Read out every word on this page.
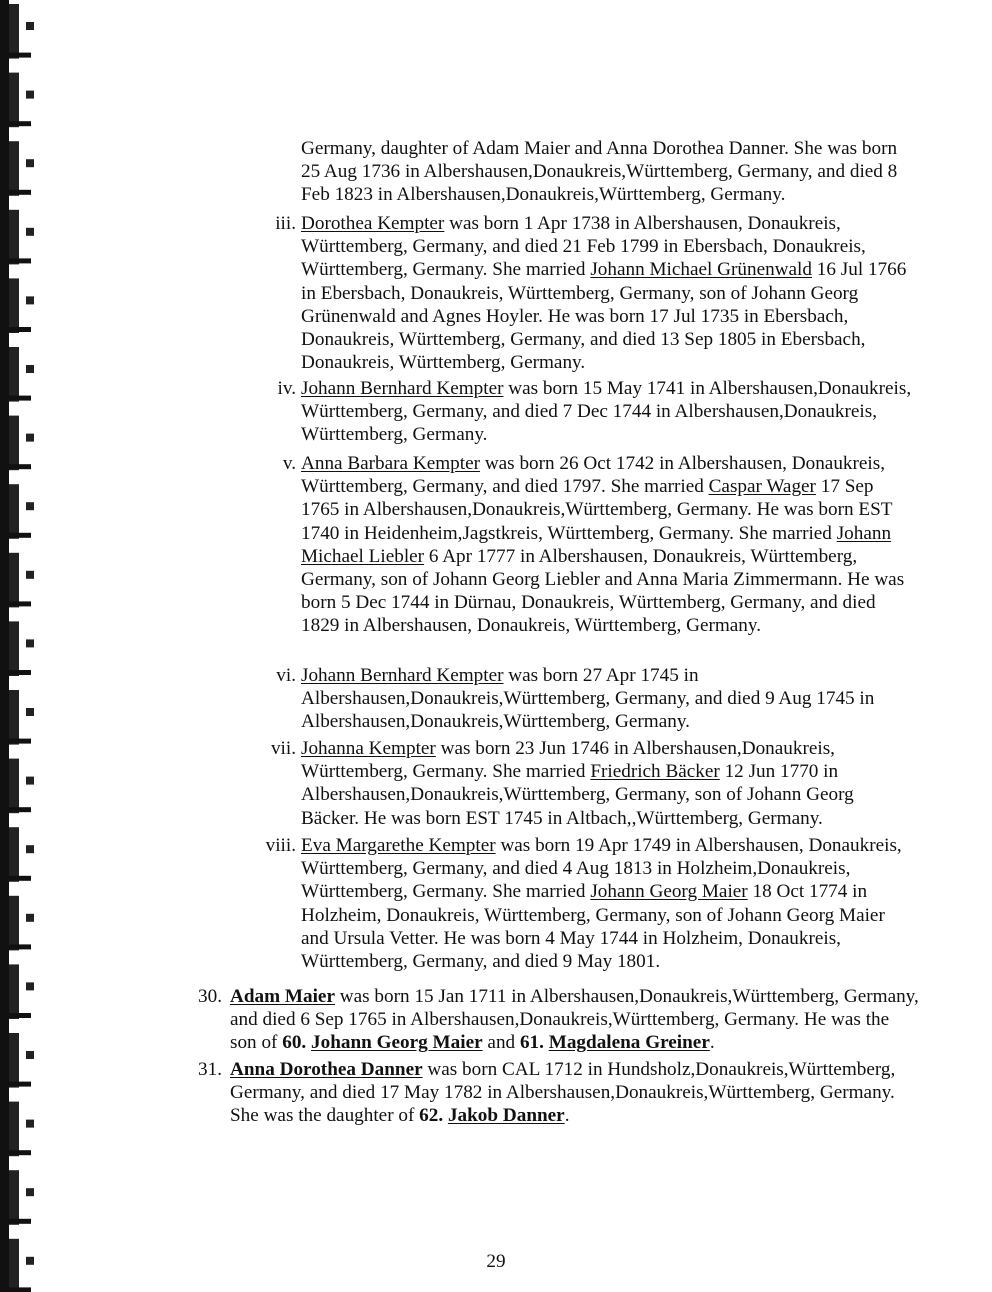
Germany, daughter of Adam Maier and Anna Dorothea Danner. She was born 25 Aug 1736 in Albershausen,Donaukreis,Württemberg, Germany, and died 8 Feb 1823 in Albershausen,Donaukreis,Württemberg, Germany.
iii. Dorothea Kempter was born 1 Apr 1738 in Albershausen, Donaukreis, Württemberg, Germany, and died 21 Feb 1799 in Ebersbach, Donaukreis, Württemberg, Germany. She married Johann Michael Grünenwald 16 Jul 1766 in Ebersbach, Donaukreis, Württemberg, Germany, son of Johann Georg Grünenwald and Agnes Hoyler. He was born 17 Jul 1735 in Ebersbach, Donaukreis, Württemberg, Germany, and died 13 Sep 1805 in Ebersbach, Donaukreis, Württemberg, Germany.
iv. Johann Bernhard Kempter was born 15 May 1741 in Albershausen,Donaukreis, Württemberg, Germany, and died 7 Dec 1744 in Albershausen,Donaukreis, Württemberg, Germany.
v. Anna Barbara Kempter was born 26 Oct 1742 in Albershausen, Donaukreis, Württemberg, Germany, and died 1797. She married Caspar Wager 17 Sep 1765 in Albershausen,Donaukreis,Württemberg, Germany. He was born EST 1740 in Heidenheim,Jagstkreis, Württemberg, Germany. She married Johann Michael Liebler 6 Apr 1777 in Albershausen, Donaukreis, Württemberg, Germany, son of Johann Georg Liebler and Anna Maria Zimmermann. He was born 5 Dec 1744 in Dürnau, Donaukreis, Württemberg, Germany, and died 1829 in Albershausen, Donaukreis, Württemberg, Germany.
vi. Johann Bernhard Kempter was born 27 Apr 1745 in Albershausen,Donaukreis,Württemberg, Germany, and died 9 Aug 1745 in Albershausen,Donaukreis,Württemberg, Germany.
vii. Johanna Kempter was born 23 Jun 1746 in Albershausen,Donaukreis, Württemberg, Germany. She married Friedrich Bäcker 12 Jun 1770 in Albershausen,Donaukreis,Württemberg, Germany, son of Johann Georg Bäcker. He was born EST 1745 in Altbach,,Württemberg, Germany.
viii. Eva Margarethe Kempter was born 19 Apr 1749 in Albershausen, Donaukreis, Württemberg, Germany, and died 4 Aug 1813 in Holzheim,Donaukreis, Württemberg, Germany. She married Johann Georg Maier 18 Oct 1774 in Holzheim, Donaukreis, Württemberg, Germany, son of Johann Georg Maier and Ursula Vetter. He was born 4 May 1744 in Holzheim, Donaukreis, Württemberg, Germany, and died 9 May 1801.
30. Adam Maier was born 15 Jan 1711 in Albershausen,Donaukreis,Württemberg, Germany, and died 6 Sep 1765 in Albershausen,Donaukreis,Württemberg, Germany. He was the son of 60. Johann Georg Maier and 61. Magdalena Greiner.
31. Anna Dorothea Danner was born CAL 1712 in Hundsholz,Donaukreis,Württemberg, Germany, and died 17 May 1782 in Albershausen,Donaukreis,Württemberg, Germany. She was the daughter of 62. Jakob Danner.
29
